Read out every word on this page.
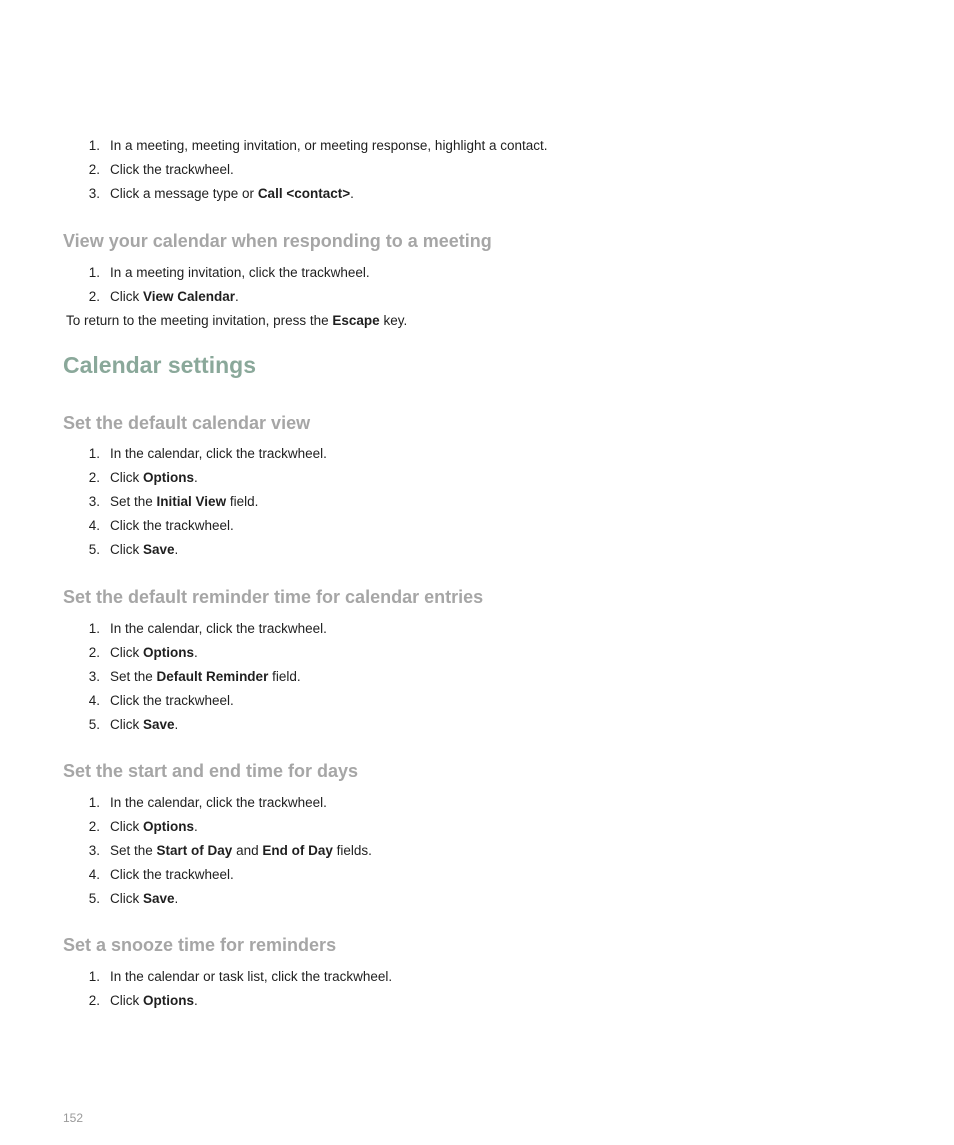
1. In a meeting, meeting invitation, or meeting response, highlight a contact.
2. Click the trackwheel.
3. Click a message type or Call <contact>.
View your calendar when responding to a meeting
1. In a meeting invitation, click the trackwheel.
2. Click View Calendar.
To return to the meeting invitation, press the Escape key.
Calendar settings
Set the default calendar view
1. In the calendar, click the trackwheel.
2. Click Options.
3. Set the Initial View field.
4. Click the trackwheel.
5. Click Save.
Set the default reminder time for calendar entries
1. In the calendar, click the trackwheel.
2. Click Options.
3. Set the Default Reminder field.
4. Click the trackwheel.
5. Click Save.
Set the start and end time for days
1. In the calendar, click the trackwheel.
2. Click Options.
3. Set the Start of Day and End of Day fields.
4. Click the trackwheel.
5. Click Save.
Set a snooze time for reminders
1. In the calendar or task list, click the trackwheel.
2. Click Options.
152
